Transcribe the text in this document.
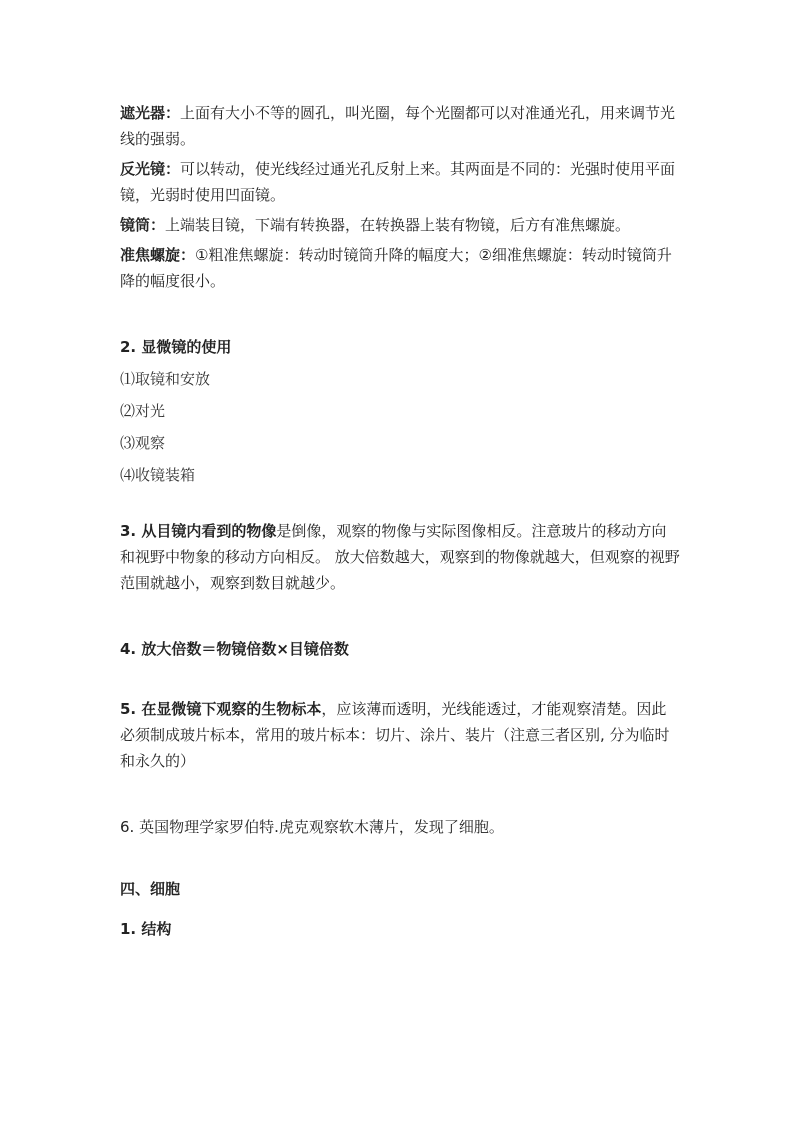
遮光器：上面有大小不等的圆孔，叫光圈，每个光圈都可以对准通光孔，用来调节光线的强弱。

反光镜：可以转动，使光线经过通光孔反射上来。其两面是不同的：光强时使用平面镜，光弱时使用凹面镜。

镜筒：上端装目镜，下端有转换器，在转换器上装有物镜，后方有准焦螺旋。

准焦螺旋：①粗准焦螺旋：转动时镜筒升降的幅度大；②细准焦螺旋：转动时镜筒升降的幅度很小。

2. 显微镜的使用

⑴取镜和安放

⑵对光

⑶观察

⑷收镜装箱

3. 从目镜内看到的物像是倒像，观察的物像与实际图像相反。注意玻片的移动方向和视野中物象的移动方向相反。 放大倍数越大，观察到的物像就越大，但观察的视野范围就越小，观察到数目就越少。

4. 放大倍数＝物镜倍数×目镜倍数

5. 在显微镜下观察的生物标本，应该薄而透明，光线能透过，才能观察清楚。因此必须制成玻片标本，常用的玻片标本：切片、涂片、装片（注意三者区别, 分为临时和永久的）

6. 英国物理学家罗伯特.虎克观察软木薄片，发现了细胞。

四、细胞

1. 结构
